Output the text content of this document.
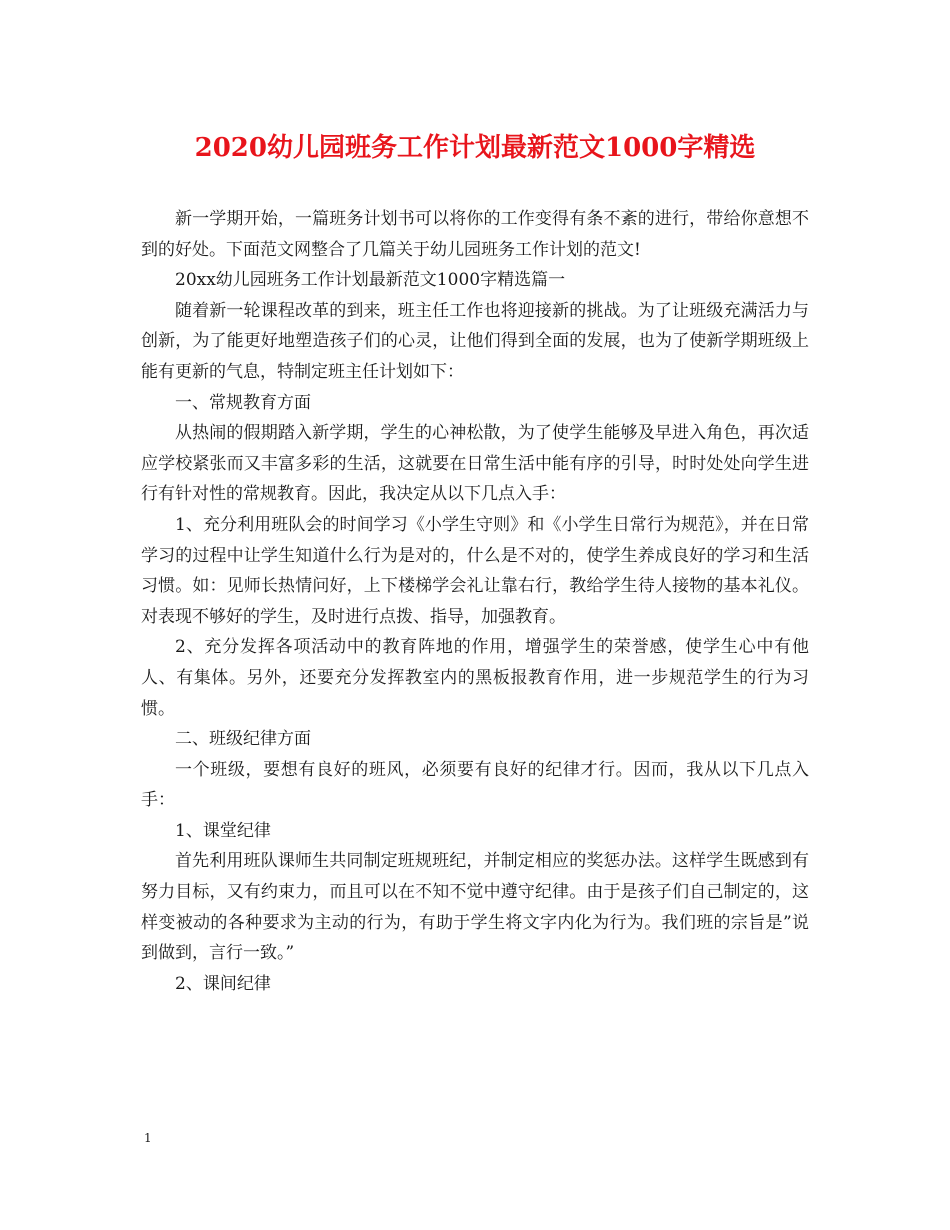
2020幼儿园班务工作计划最新范文1000字精选

新一学期开始，一篇班务计划书可以将你的工作变得有条不紊的进行，带给你意想不到的好处。下面范文网整合了几篇关于幼儿园班务工作计划的范文!

20xx幼儿园班务工作计划最新范文1000字精选篇一

随着新一轮课程改革的到来，班主任工作也将迎接新的挑战。为了让班级充满活力与创新，为了能更好地塑造孩子们的心灵，让他们得到全面的发展，也为了使新学期班级上能有更新的气息，特制定班主任计划如下：

一、常规教育方面

从热闹的假期踏入新学期，学生的心神松散，为了使学生能够及早进入角色，再次适应学校紧张而又丰富多彩的生活，这就要在日常生活中能有序的引导，时时处处向学生进行有针对性的常规教育。因此，我决定从以下几点入手：

1、充分利用班队会的时间学习《小学生守则》和《小学生日常行为规范》，并在日常学习的过程中让学生知道什么行为是对的，什么是不对的，使学生养成良好的学习和生活习惯。如：见师长热情问好，上下楼梯学会礼让靠右行，教给学生待人接物的基本礼仪。对表现不够好的学生，及时进行点拨、指导，加强教育。

2、充分发挥各项活动中的教育阵地的作用，增强学生的荣誉感，使学生心中有他人、有集体。另外，还要充分发挥教室内的黑板报教育作用，进一步规范学生的行为习惯。

二、班级纪律方面

一个班级，要想有良好的班风，必须要有良好的纪律才行。因而，我从以下几点入手：

1、课堂纪律

首先利用班队课师生共同制定班规班纪，并制定相应的奖惩办法。这样学生既感到有努力目标，又有约束力，而且可以在不知不觉中遵守纪律。由于是孩子们自己制定的，这样变被动的各种要求为主动的行为，有助于学生将文字内化为行为。我们班的宗旨是”说到做到，言行一致。”

2、课间纪律

1
